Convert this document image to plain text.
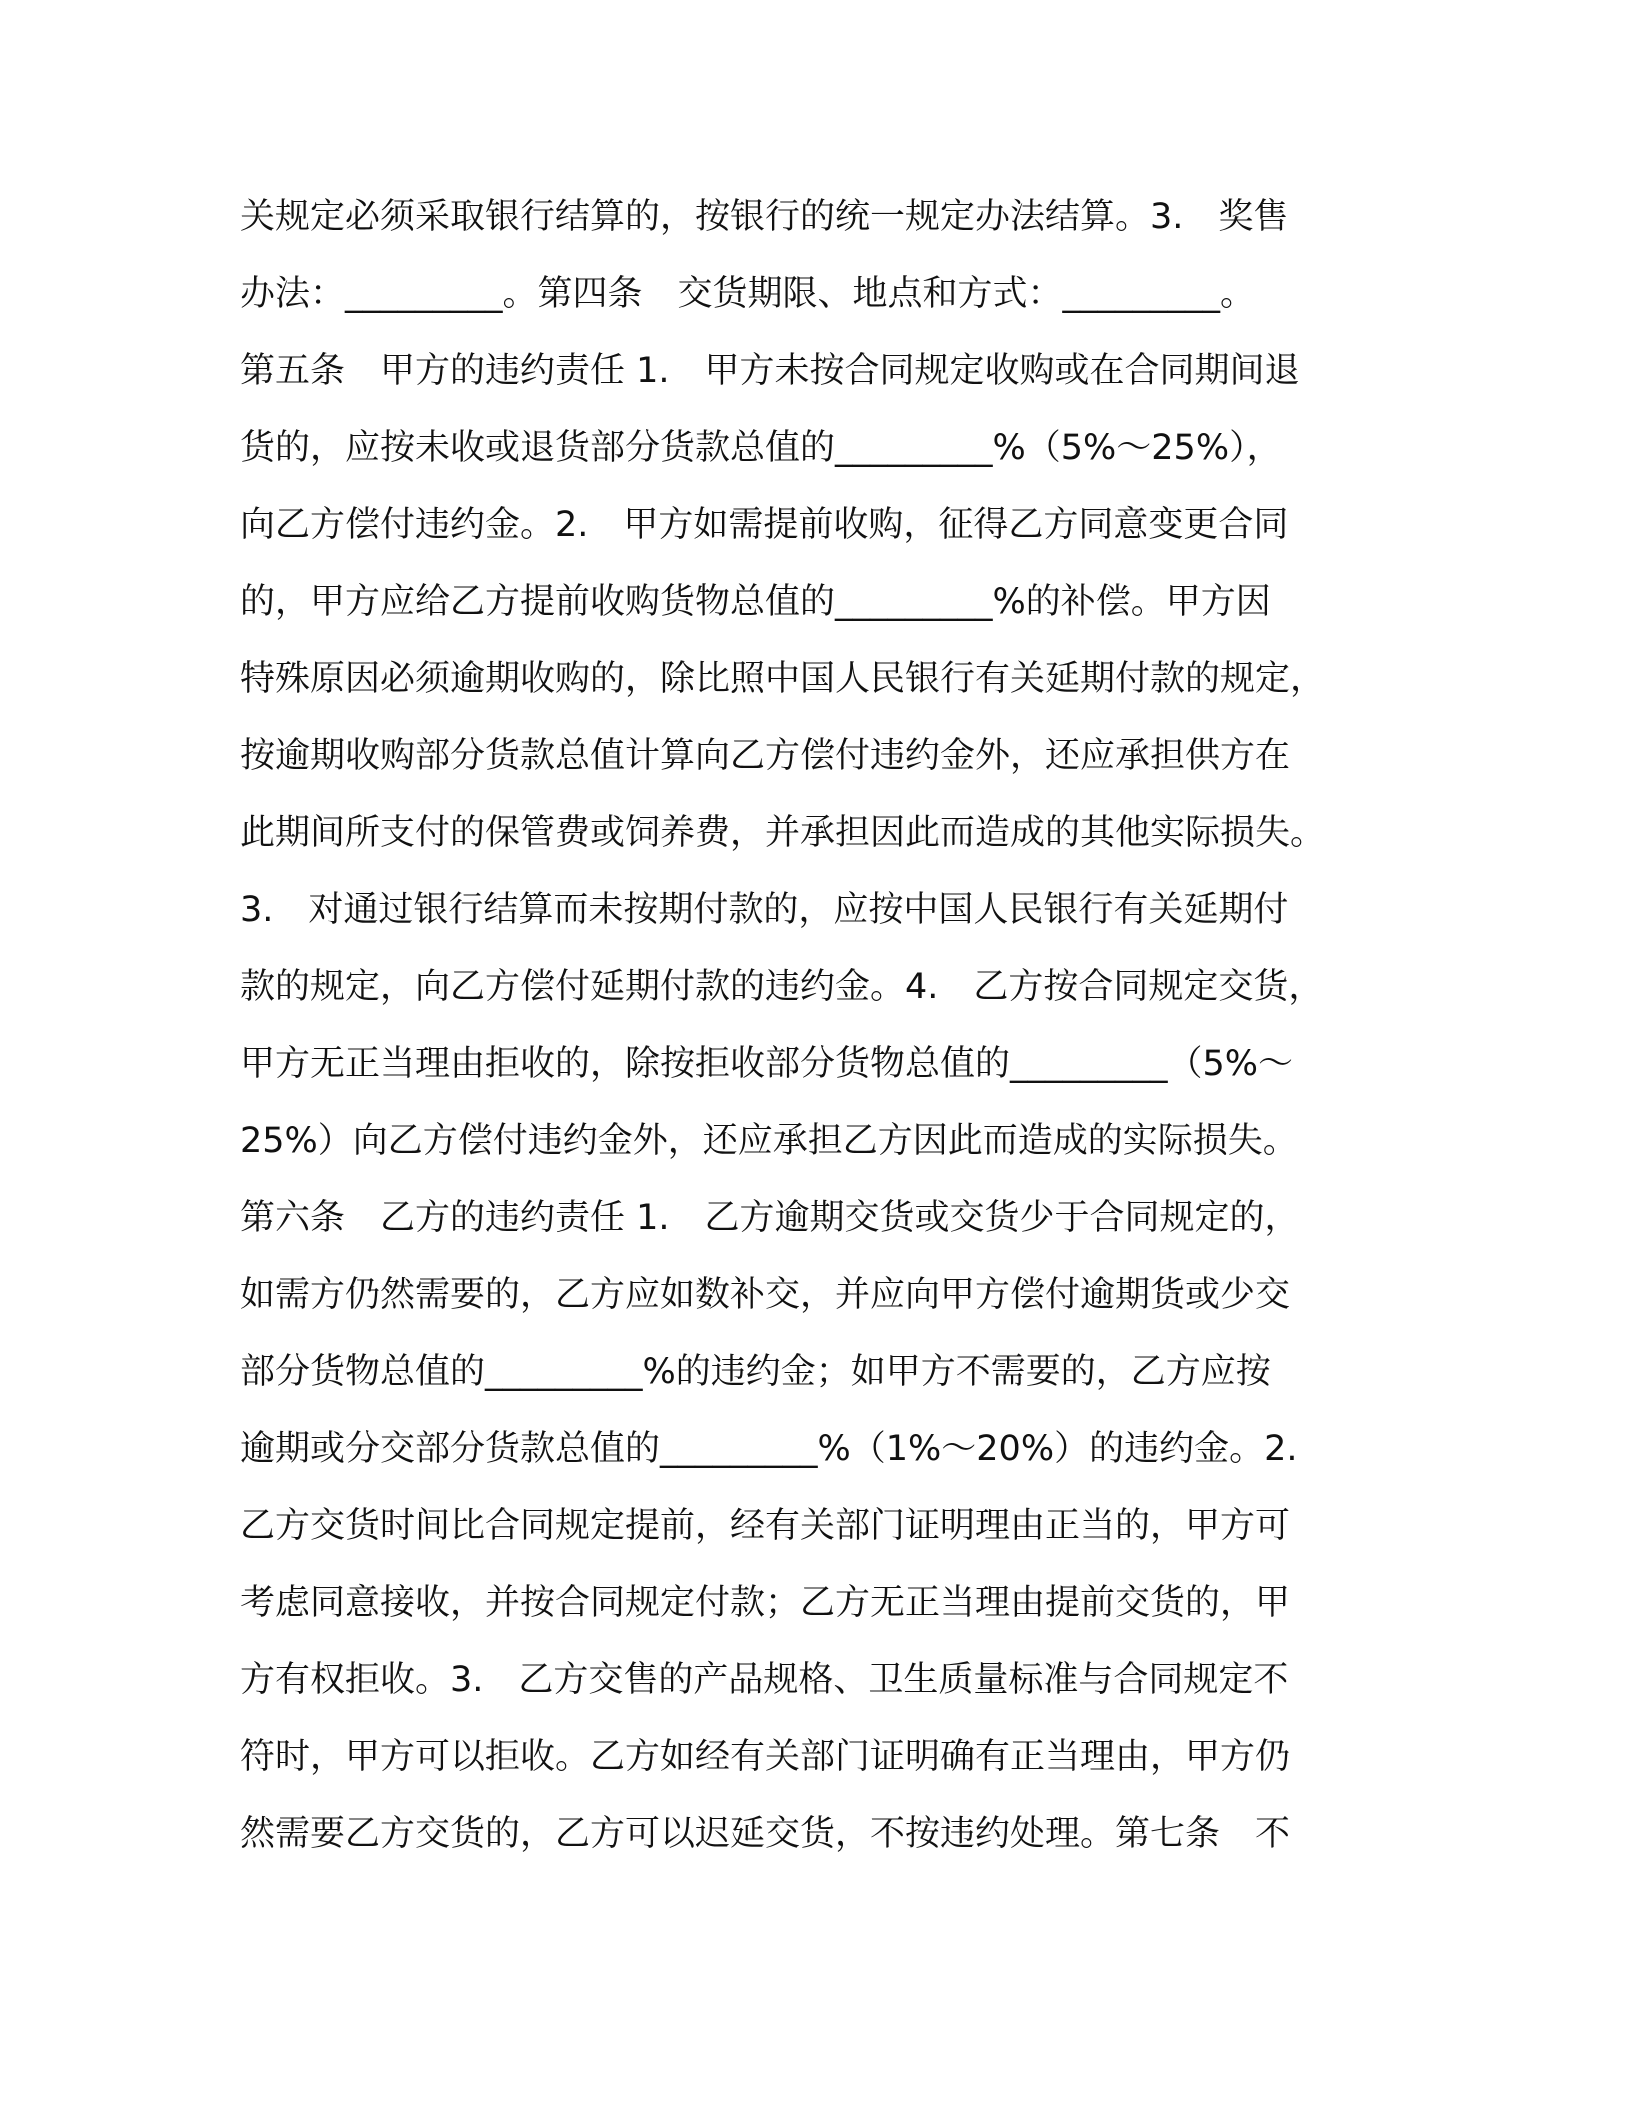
关规定必须采取银行结算的，按银行的统一规定办法结算。3.　奖售
办法：_________。第四条　交货期限、地点和方式：_________。
第五条　甲方的违约责任 1.　甲方未按合同规定收购或在合同期间退
货的，应按未收或退货部分货款总值的_________%（5%～25%），
向乙方偿付违约金。2.　甲方如需提前收购，征得乙方同意变更合同
的，甲方应给乙方提前收购货物总值的_________%的补偿。甲方因
特殊原因必须逾期收购的，除比照中国人民银行有关延期付款的规定，
按逾期收购部分货款总值计算向乙方偿付违约金外，还应承担供方在
此期间所支付的保管费或饲养费，并承担因此而造成的其他实际损失。
3.　对通过银行结算而未按期付款的，应按中国人民银行有关延期付
款的规定，向乙方偿付延期付款的违约金。4.　乙方按合同规定交货，
甲方无正当理由拒收的，除按拒收部分货物总值的_________（5%～
25%）向乙方偿付违约金外，还应承担乙方因此而造成的实际损失。
第六条　乙方的违约责任 1.　乙方逾期交货或交货少于合同规定的，
如需方仍然需要的，乙方应如数补交，并应向甲方偿付逾期货或少交
部分货物总值的_________%的违约金；如甲方不需要的，乙方应按
逾期或分交部分货款总值的_________%（1%～20%）的违约金。2.
乙方交货时间比合同规定提前，经有关部门证明理由正当的，甲方可
考虑同意接收，并按合同规定付款；乙方无正当理由提前交货的，甲
方有权拒收。3.　乙方交售的产品规格、卫生质量标准与合同规定不
符时，甲方可以拒收。乙方如经有关部门证明确有正当理由，甲方仍
然需要乙方交货的，乙方可以迟延交货，不按违约处理。第七条　不
